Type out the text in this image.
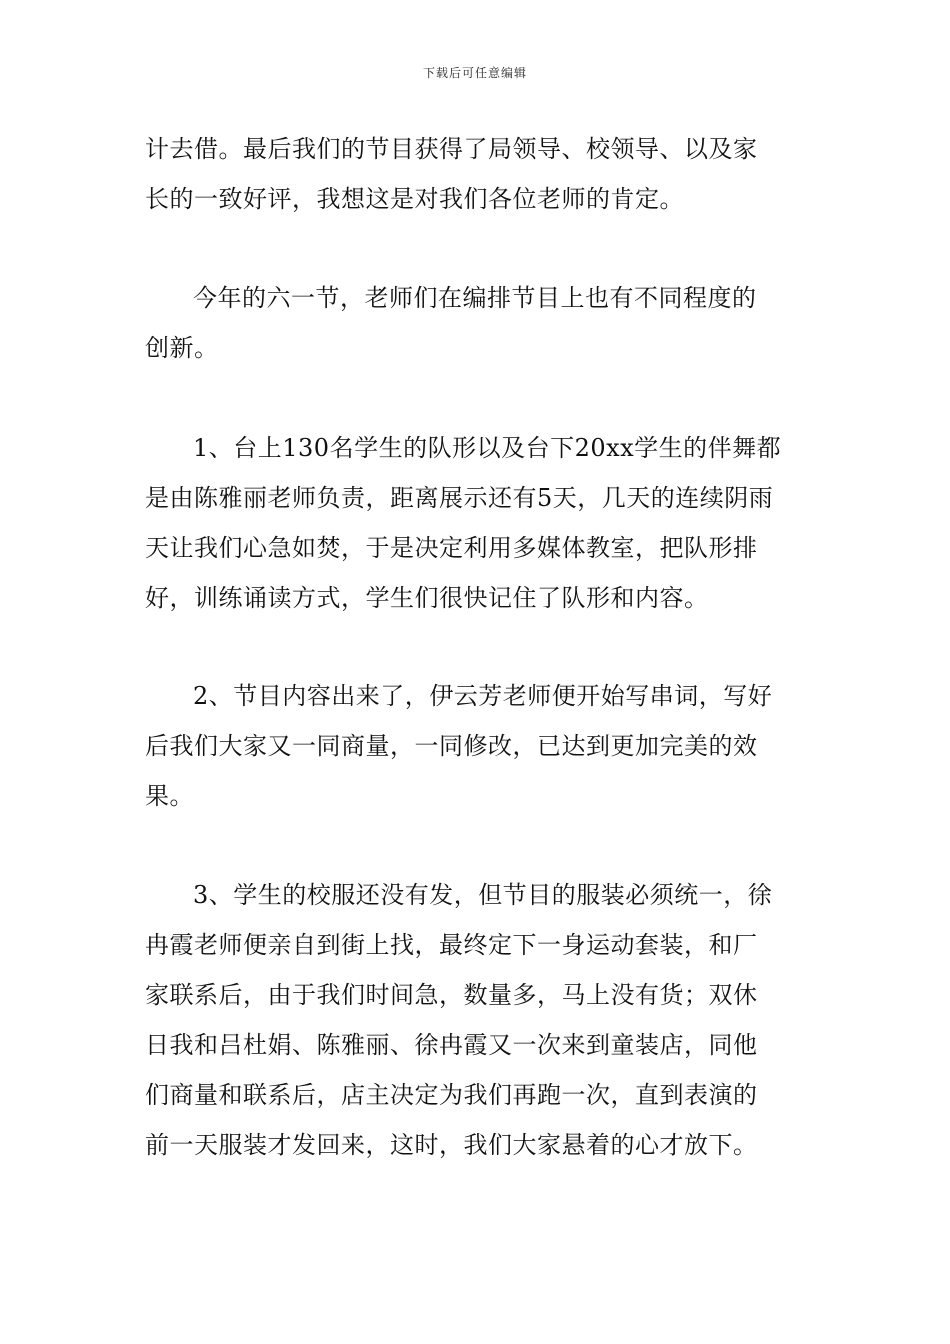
下载后可任意编辑
计去借。最后我们的节目获得了局领导、校领导、以及家
长的一致好评，我想这是对我们各位老师的肯定。
今年的六一节，老师们在编排节目上也有不同程度的
创新。
1、台上130名学生的队形以及台下20xx学生的伴舞都
是由陈雅丽老师负责，距离展示还有5天，几天的连续阴雨
天让我们心急如焚，于是决定利用多媒体教室，把队形排
好，训练诵读方式，学生们很快记住了队形和内容。
2、节目内容出来了，伊云芳老师便开始写串词，写好
后我们大家又一同商量，一同修改，已达到更加完美的效
果。
3、学生的校服还没有发，但节目的服装必须统一，徐
冉霞老师便亲自到街上找，最终定下一身运动套装，和厂
家联系后，由于我们时间急，数量多，马上没有货；双休
日我和吕杜娟、陈雅丽、徐冉霞又一次来到童装店，同他
们商量和联系后，店主决定为我们再跑一次，直到表演的
前一天服装才发回来，这时，我们大家悬着的心才放下。
